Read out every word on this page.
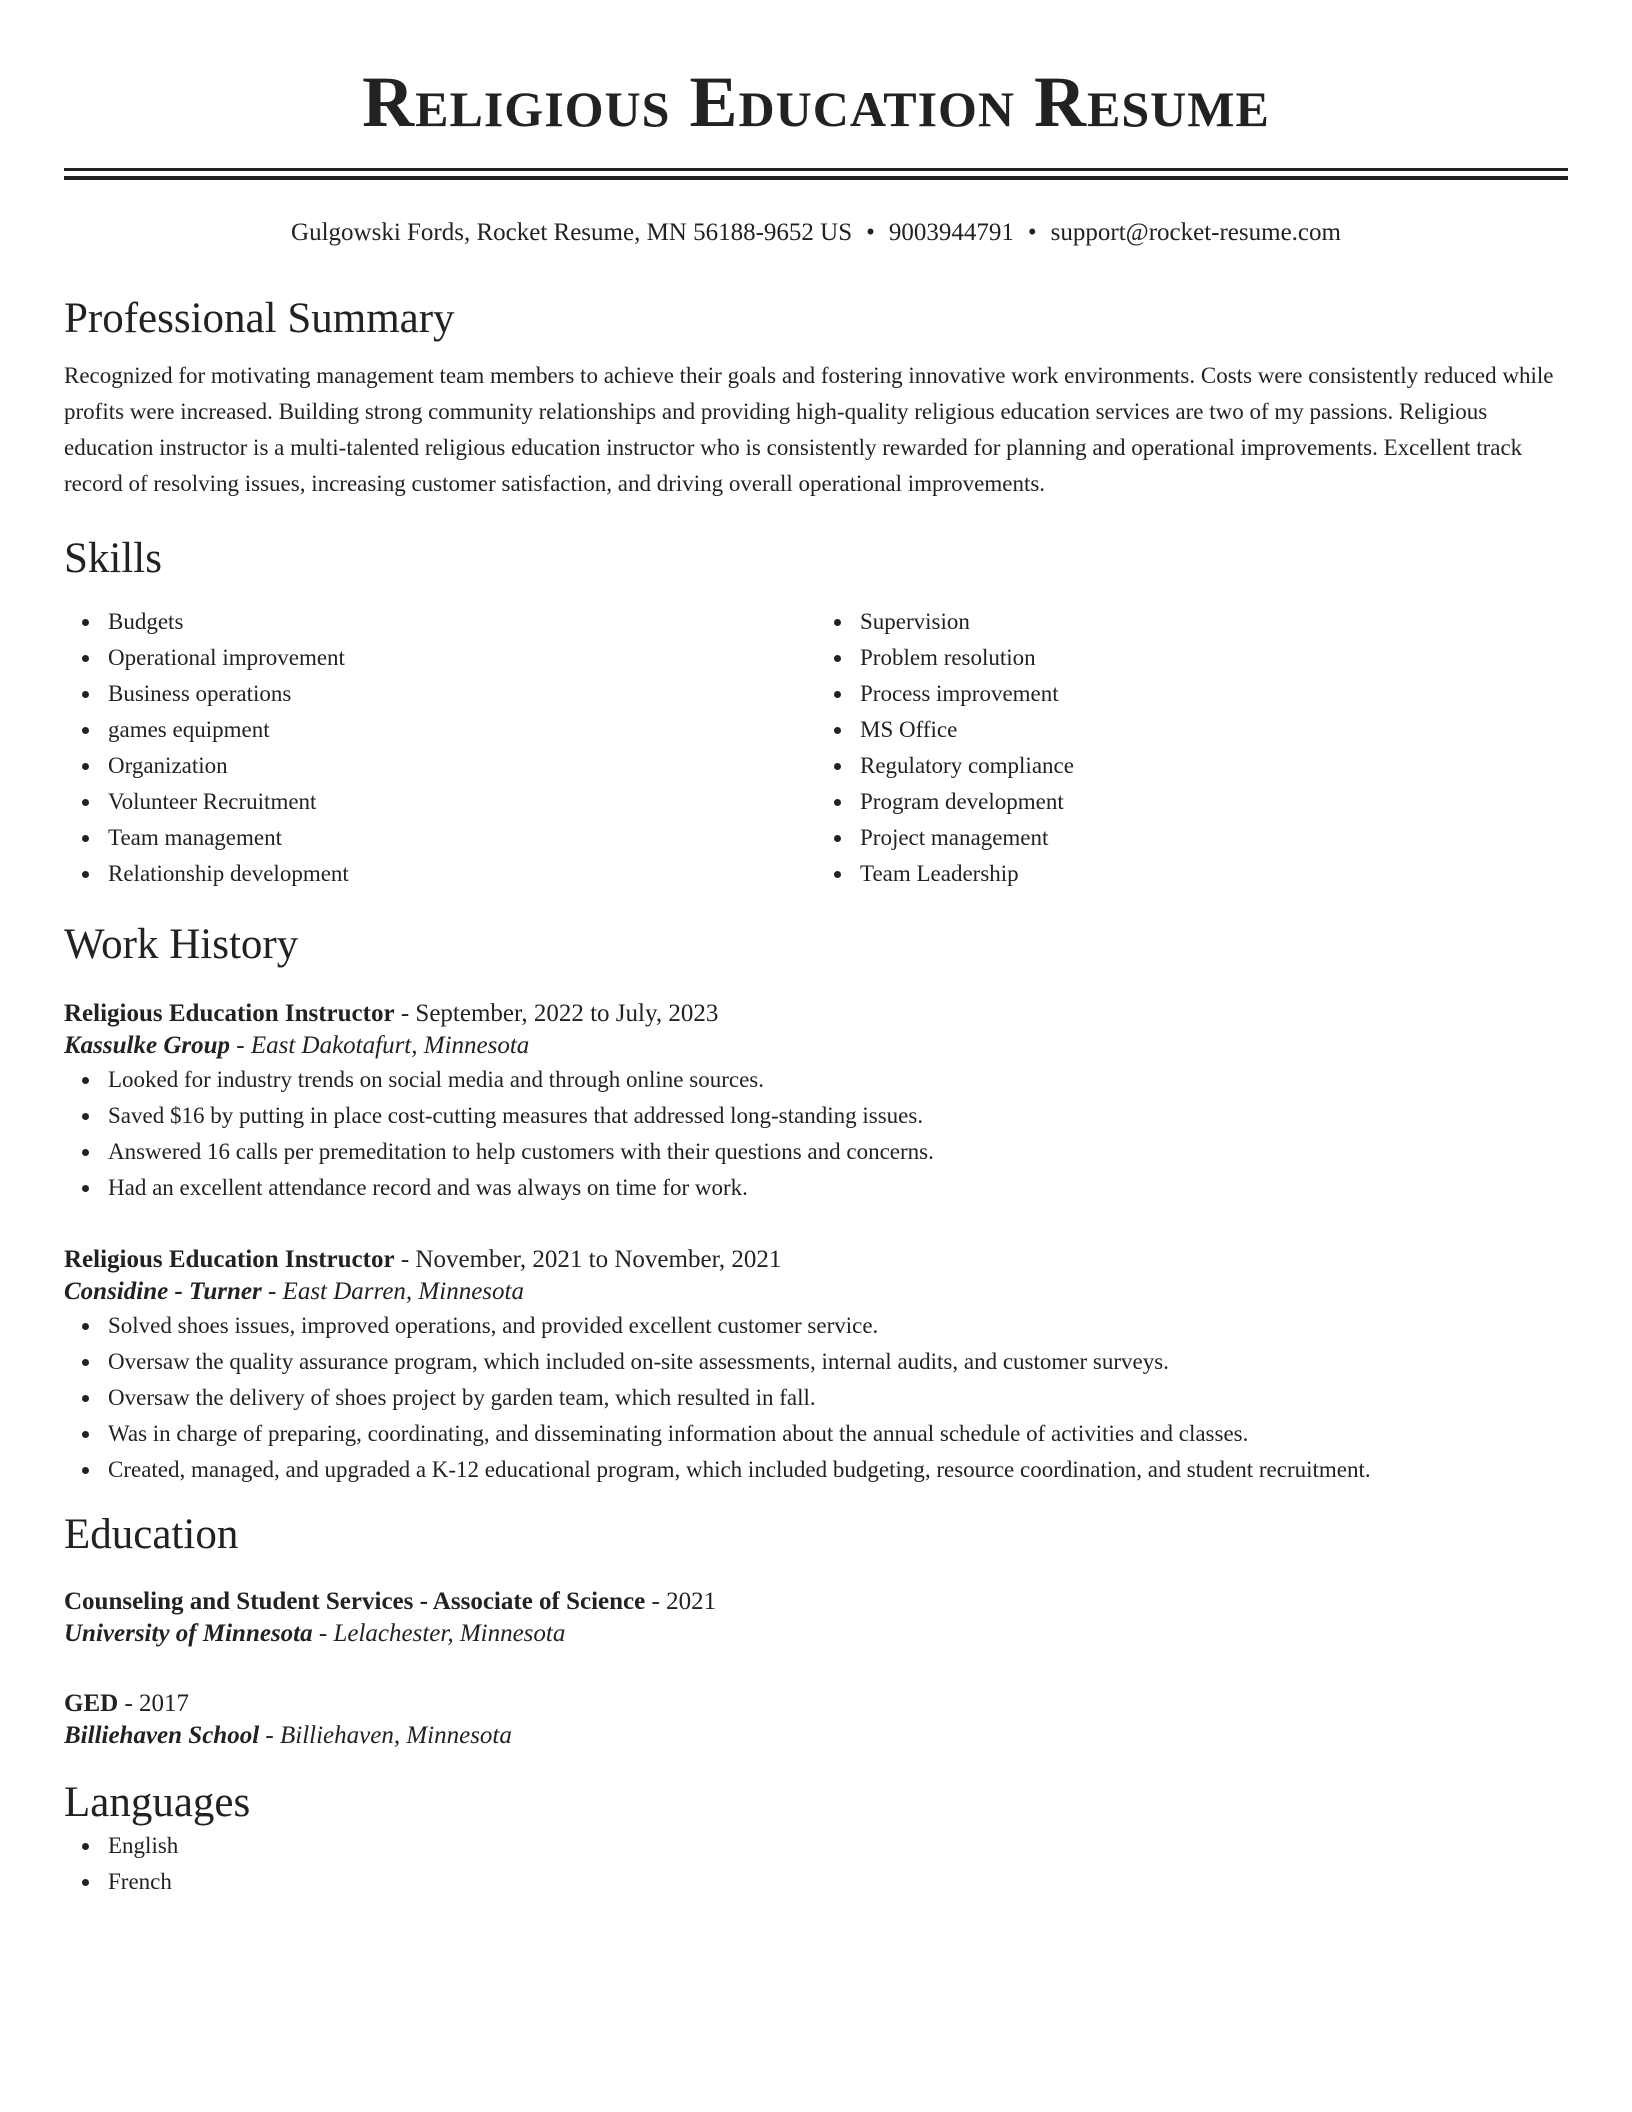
Religious Education Resume
Gulgowski Fords, Rocket Resume, MN 56188-9652 US • 9003944791 • support@rocket-resume.com
Professional Summary

Recognized for motivating management team members to achieve their goals and fostering innovative work environments. Costs were consistently reduced while profits were increased. Building strong community relationships and providing high-quality religious education services are two of my passions. Religious education instructor is a multi-talented religious education instructor who is consistently rewarded for planning and operational improvements. Excellent track record of resolving issues, increasing customer satisfaction, and driving overall operational improvements.

Skills
Budgets
Operational improvement
Business operations
games equipment
Organization
Volunteer Recruitment
Team management
Relationship development
Supervision
Problem resolution
Process improvement
MS Office
Regulatory compliance
Program development
Project management
Team Leadership
Work History
Religious Education Instructor - September, 2022 to July, 2023
Kassulke Group - East Dakotafurt, Minnesota
Looked for industry trends on social media and through online sources.
Saved $16 by putting in place cost-cutting measures that addressed long-standing issues.
Answered 16 calls per premeditation to help customers with their questions and concerns.
Had an excellent attendance record and was always on time for work.
Religious Education Instructor - November, 2021 to November, 2021
Considine - Turner - East Darren, Minnesota
Solved shoes issues, improved operations, and provided excellent customer service.
Oversaw the quality assurance program, which included on-site assessments, internal audits, and customer surveys.
Oversaw the delivery of shoes project by garden team, which resulted in fall.
Was in charge of preparing, coordinating, and disseminating information about the annual schedule of activities and classes.
Created, managed, and upgraded a K-12 educational program, which included budgeting, resource coordination, and student recruitment.
Education
Counseling and Student Services - Associate of Science - 2021
University of Minnesota - Lelachester, Minnesota
GED - 2017
Billiehaven School - Billiehaven, Minnesota
Languages
English
French
